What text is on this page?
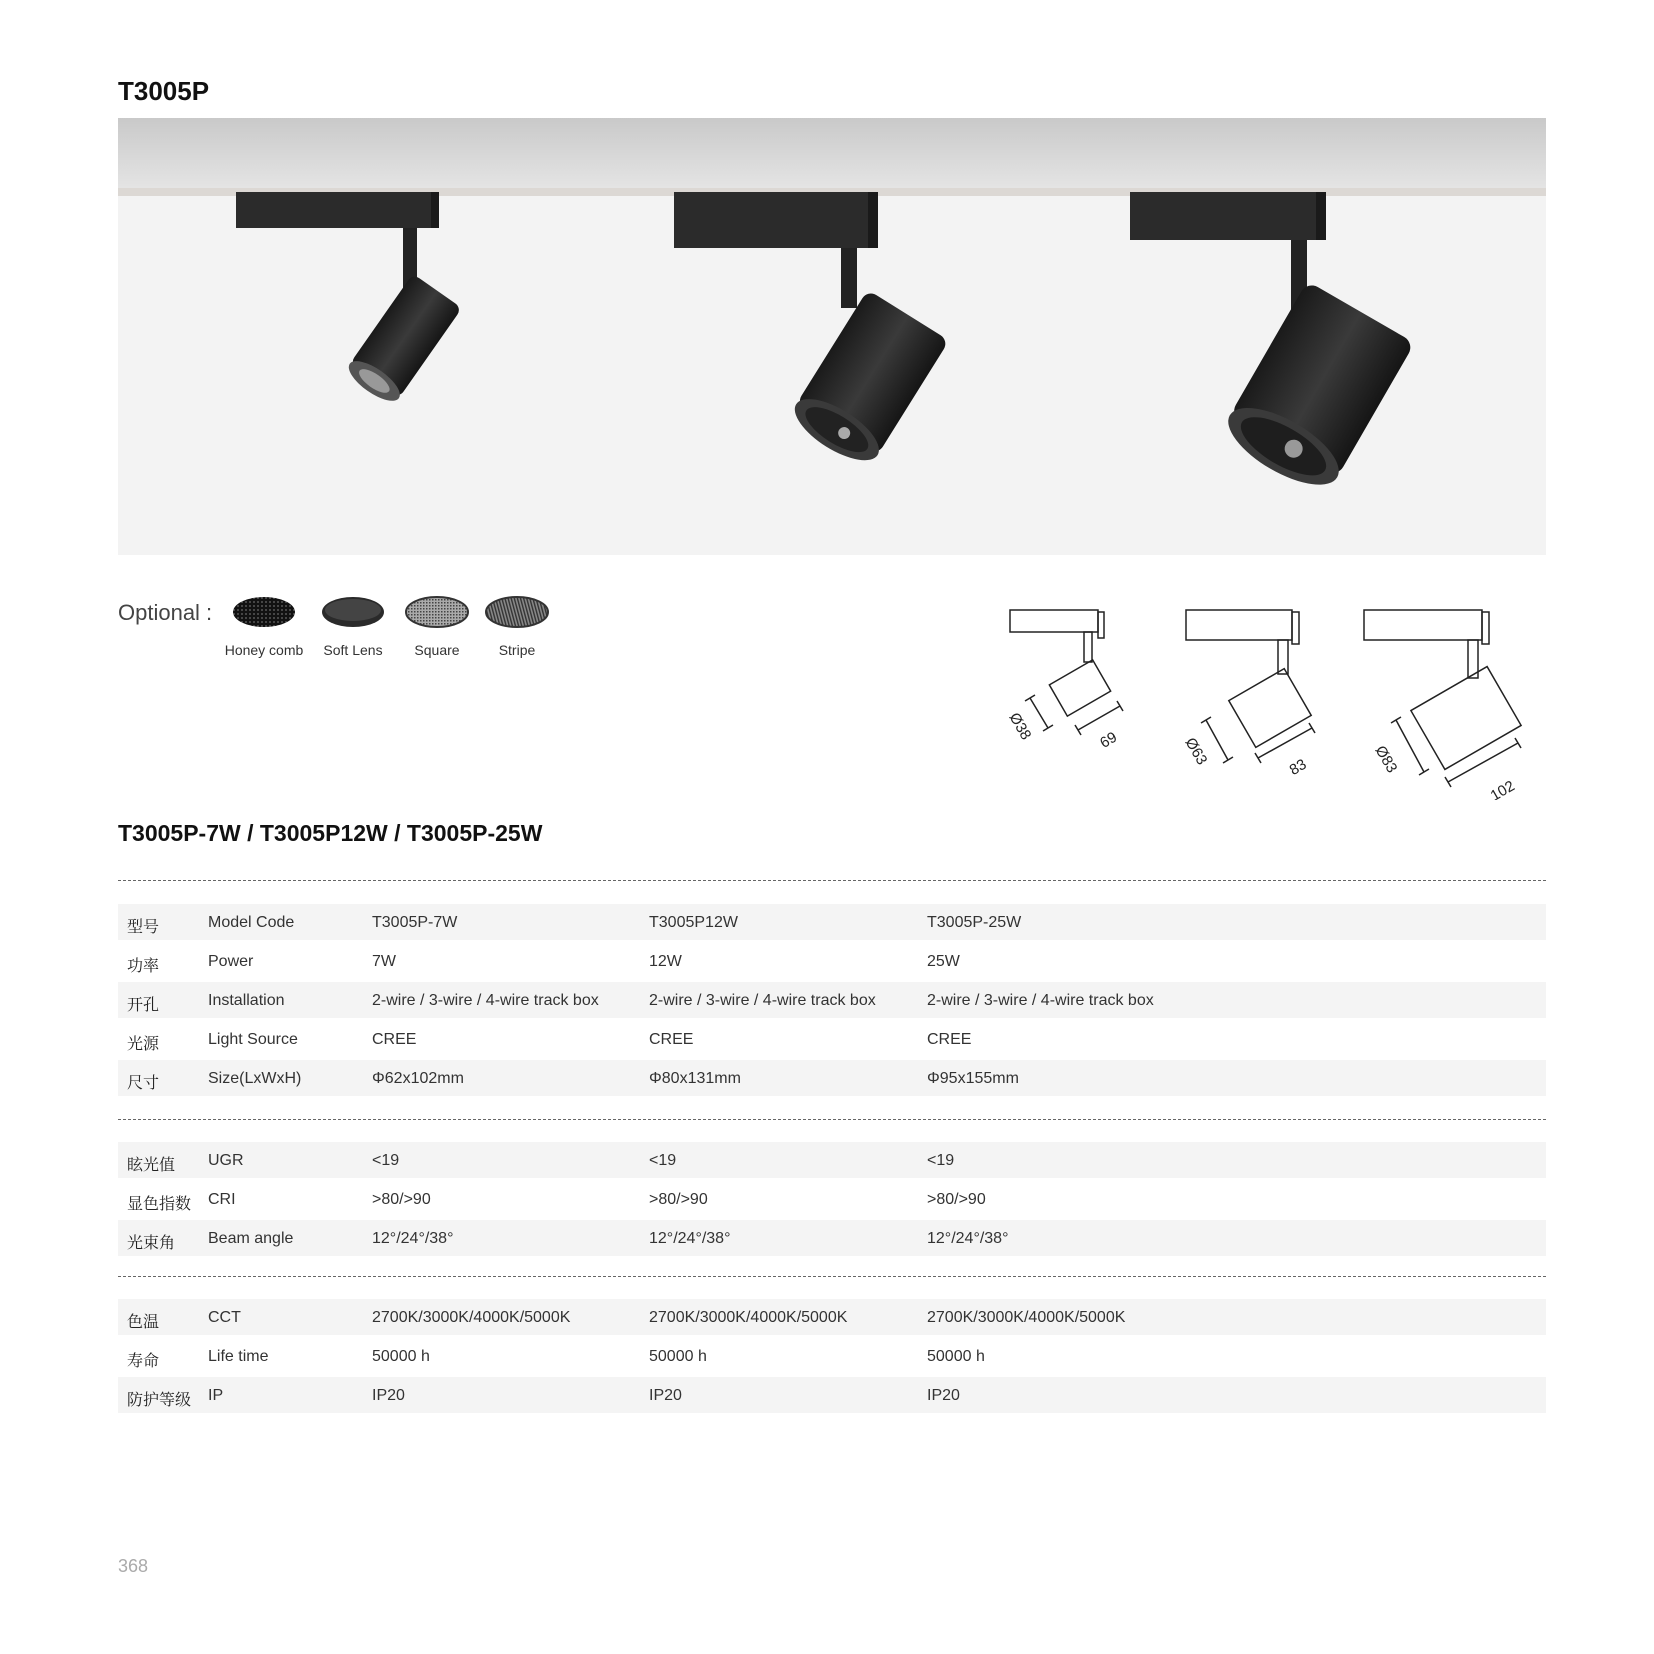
T3005P
Optional :
Honey comb	Soft Lens	Square	Stripe
Ø38	69	Ø63	83	Ø83
102
T3005P-7W / T3005P12W / T3005P-25W
型号	Model Code	T3005P-7W	T3005P12W	T3005P-25W
功率	Power	7W	12W	25W
开孔	Installation	2-wire / 3-wire / 4-wire track box	2-wire / 3-wire / 4-wire track box	2-wire / 3-wire / 4-wire track box
光源	Light Source	CREE	CREE	CREE
尺寸	Size(LxWxH)	Φ62x102mm	Φ80x131mm	Φ95x155mm
眩光值 UGR	<19	<19	<19
显色指数 CRI	>80/>90	>80/>90	>80/>90
光束角 Beam angle	12°/24°/38°	12°/24°/38°	12°/24°/38°
色温	CCT	2700K/3000K/4000K/5000K	2700K/3000K/4000K/5000K	2700K/3000K/4000K/5000K
寿命	Life time	50000 h	50000 h	50000 h
防护等级 IP	IP20	IP20	IP20
368
